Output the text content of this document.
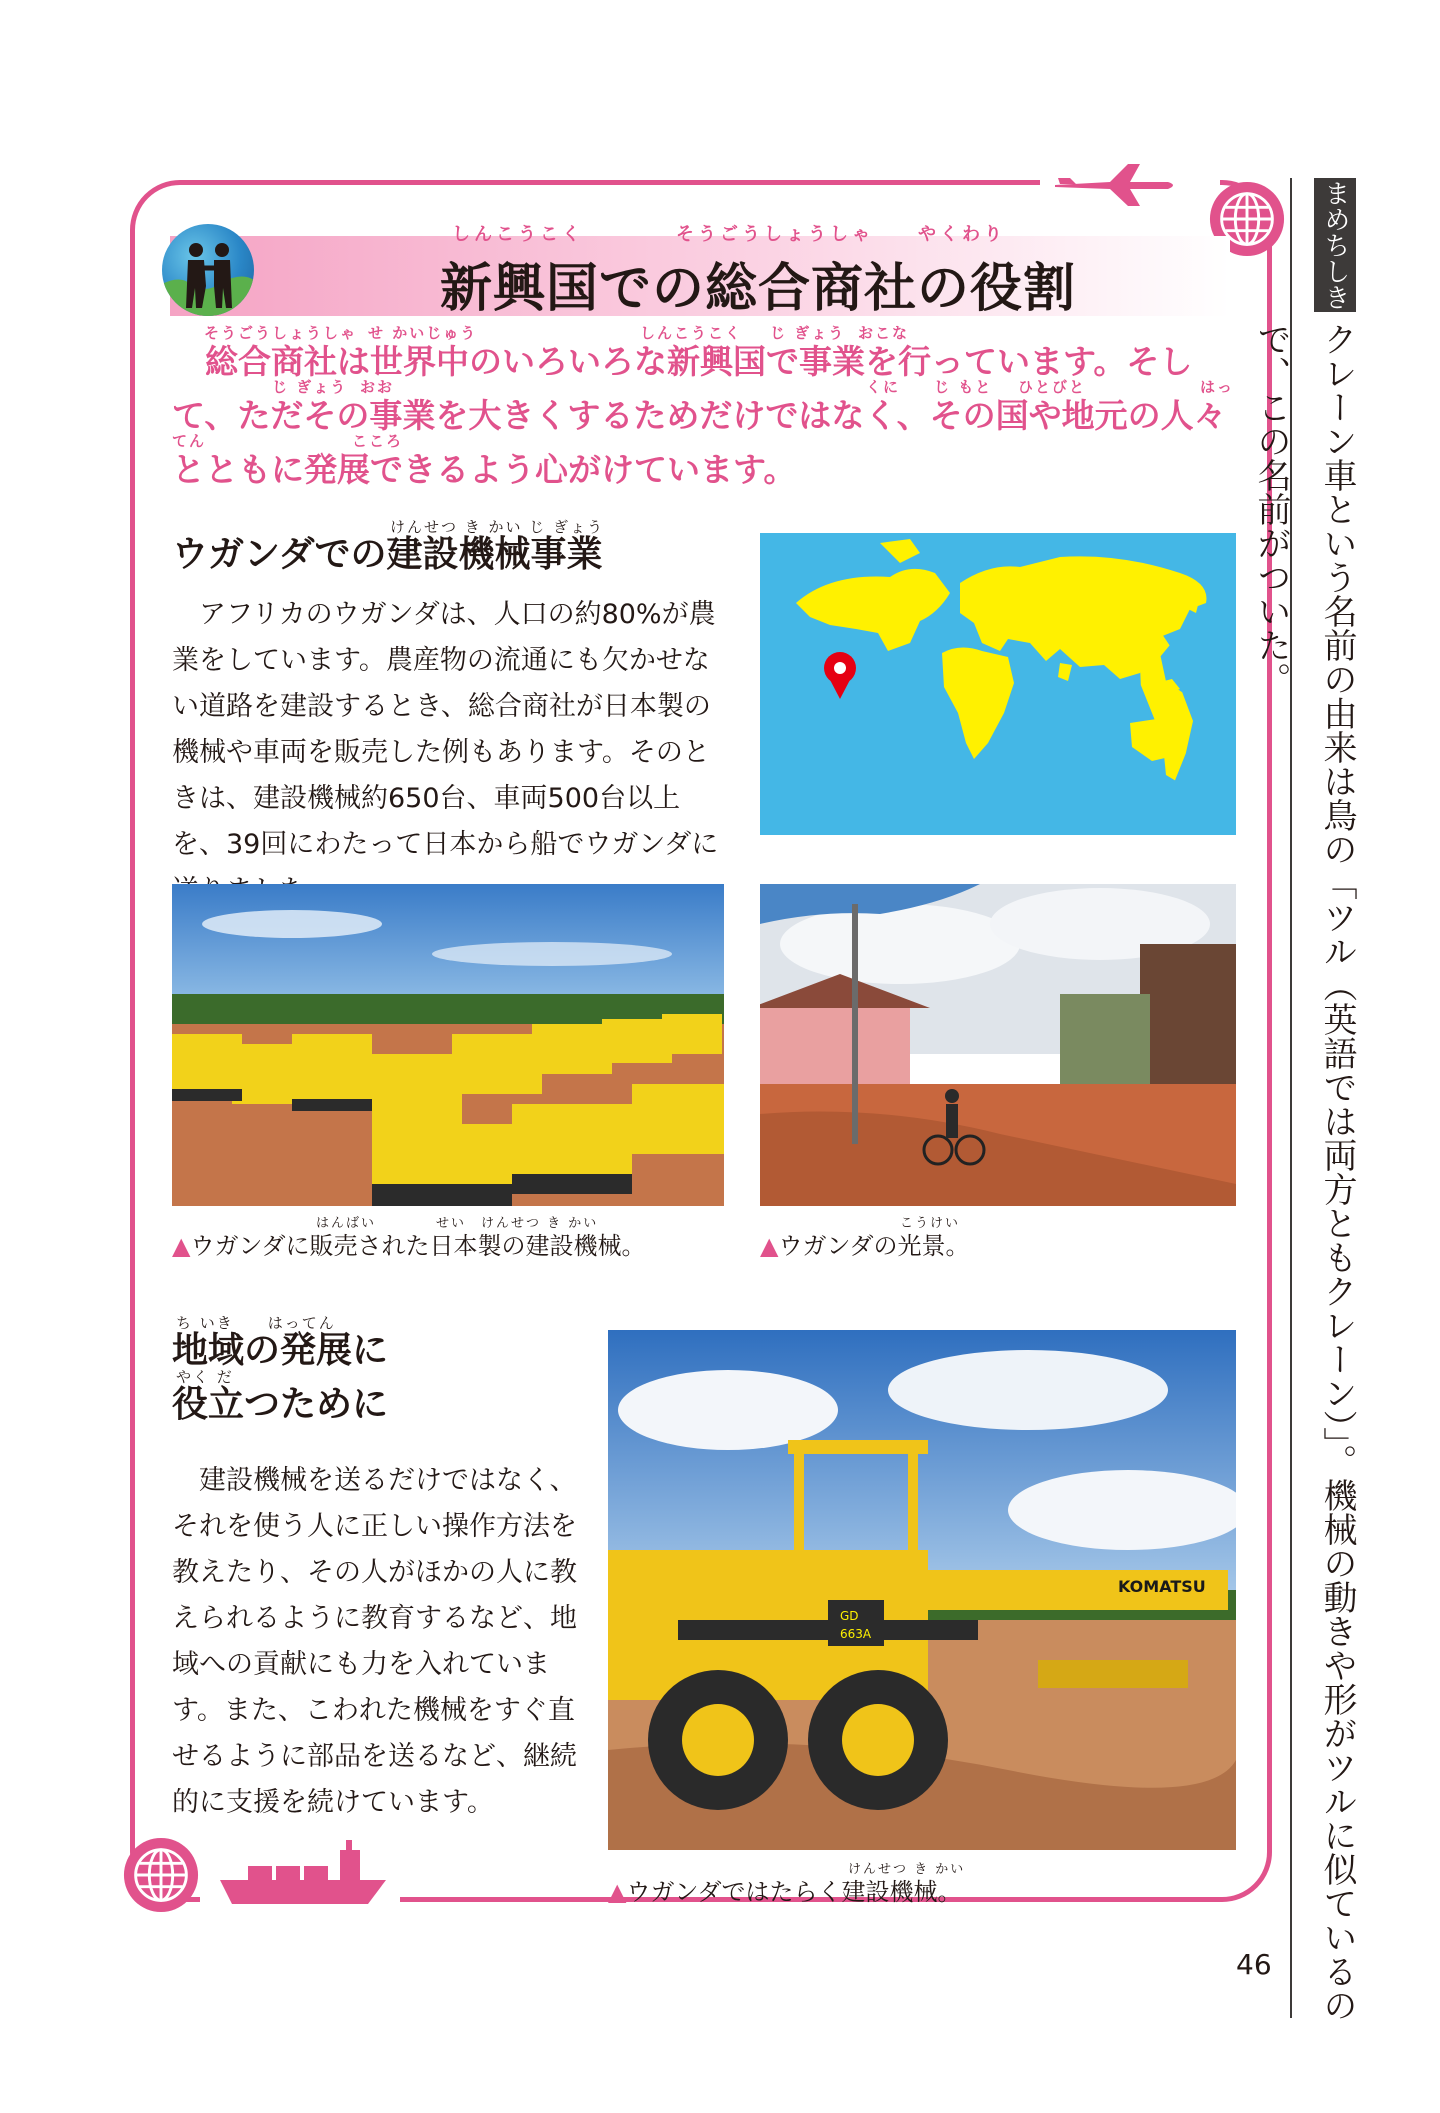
しんこうこく	そうごうしょうしゃ やくわり
新興国での総合商社の役割
そうごうしょうしゃ せ かいじゅう	しんこうこく じ ぎょう おこな
じ ぎょう おお	くに じ もと ひとびと	はっ
てん	こころ

　総合商社は世界中のいろいろな新興国で事業を行っています。そして、ただその事業を大きくするためだけではなく、その国や地元の人々とともに発展できるよう心がけています。

けんせつ き かい じ ぎょう
ウガンダでの建設機械事業

　アフリカのウガンダは、人口の約80%が農業をしています。農産物の流通にも欠かせない道路を建設するとき、総合商社が日本製の機械や車両を販売した例もあります。そのときは、建設機械約650台、車両500台以上を、39回にわたって日本から船でウガンダに

はんばい　　　　せい　けんせつ き かい
▲ウガンダに販売された日本製の建設機械。
こうけい
▲ウガンダの光景。
ち いき　　はってん
地域の発展に
やく だ
役立つために

　建設機械を送るだけではなく、それを使う人に正しい操作方法を教えたり、その人がほかの人に教えられるように教育するなど、地域への貢献にも力を入れています。また、こわれた機械をすぐ直せるように部品を送るなど、継続的に支援を続けています。

GD
663A
KOMATSU
けんせつ き かい
▲ウガンダではたらく建設機械。
まめちしき

クレーン車という名前の由来は鳥の「ツル（英語では両方ともクレーン）」。機械の動きや形がツルに似ているので、この名前がついた。

46
